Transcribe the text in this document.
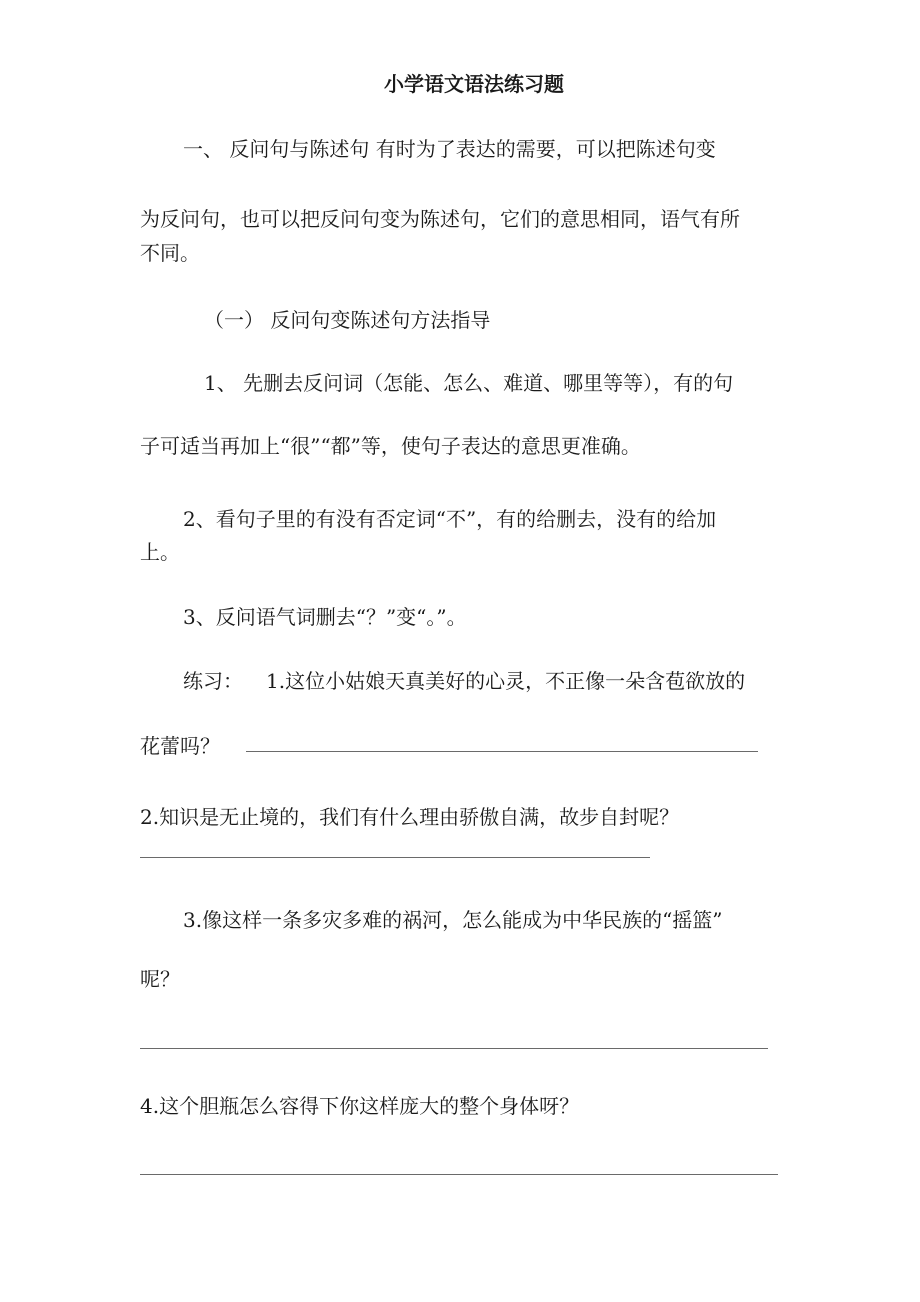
小学语文语法练习题
一、 反问句与陈述句 有时为了表达的需要，可以把陈述句变
为反问句，也可以把反问句变为陈述句，它们的意思相同，语气有所
不同。
（一） 反问句变陈述句方法指导
1、 先删去反问词（怎能、怎么、难道、哪里等等），有的句
子可适当再加上“很”“都”等，使句子表达的意思更准确。
2、看句子里的有没有否定词“不”，有的给删去，没有的给加
上。
3、反问语气词删去“？”变“。”。
练习： 1.这位小姑娘天真美好的心灵，不正像一朵含苞欲放的
花蕾吗？
2.知识是无止境的，我们有什么理由骄傲自满，故步自封呢？
3.像这样一条多灾多难的祸河，怎么能成为中华民族的“摇篮”
呢？
4.这个胆瓶怎么容得下你这样庞大的整个身体呀？
